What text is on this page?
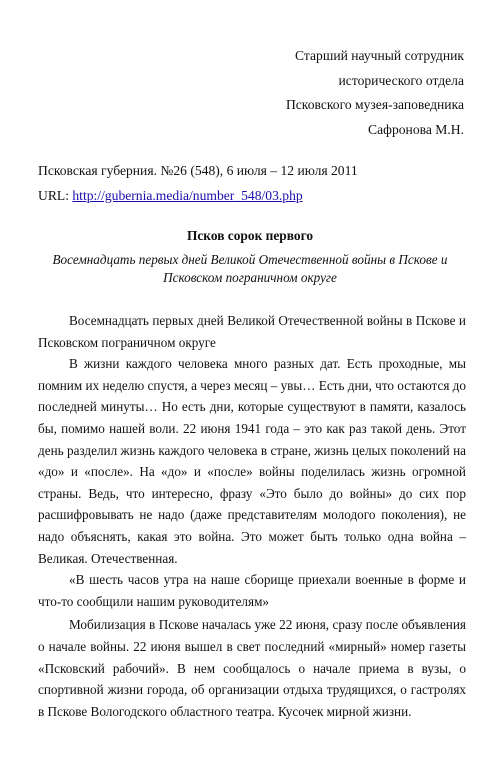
Старший научный сотрудник
исторического отдела
Псковского музея-заповедника
Сафронова М.Н.
Псковская губерния. №26 (548), 6 июля – 12 июля 2011
URL: http://gubernia.media/number_548/03.php
Псков сорок первого
Восемнадцать первых дней Великой Отечественной войны в Пскове и Псковском пограничном округе

Восемнадцать первых дней Великой Отечественной войны в Пскове и Псковском пограничном округе

В жизни каждого человека много разных дат. Есть проходные, мы помним их неделю спустя, а через месяц – увы… Есть дни, что остаются до последней минуты… Но есть дни, которые существуют в памяти, казалось бы, помимо нашей воли. 22 июня 1941 года – это как раз такой день. Этот день разделил жизнь каждого человека в стране, жизнь целых поколений на «до» и «после». На «до» и «после» войны поделилась жизнь огромной страны. Ведь, что интересно, фразу «Это было до войны» до сих пор расшифровывать не надо (даже представителям молодого поколения), не надо объяснять, какая это война. Это может быть только одна война – Великая. Отечественная.

«В шесть часов утра на наше сборище приехали военные в форме и что-то сообщили нашим руководителям»

Мобилизация в Пскове началась уже 22 июня, сразу после объявления о начале войны. 22 июня вышел в свет последний «мирный» номер газеты «Псковский рабочий». В нем сообщалось о начале приема в вузы, о спортивной жизни города, об организации отдыха трудящихся, о гастролях в Пскове Вологодского областного театра. Кусочек мирной жизни.
